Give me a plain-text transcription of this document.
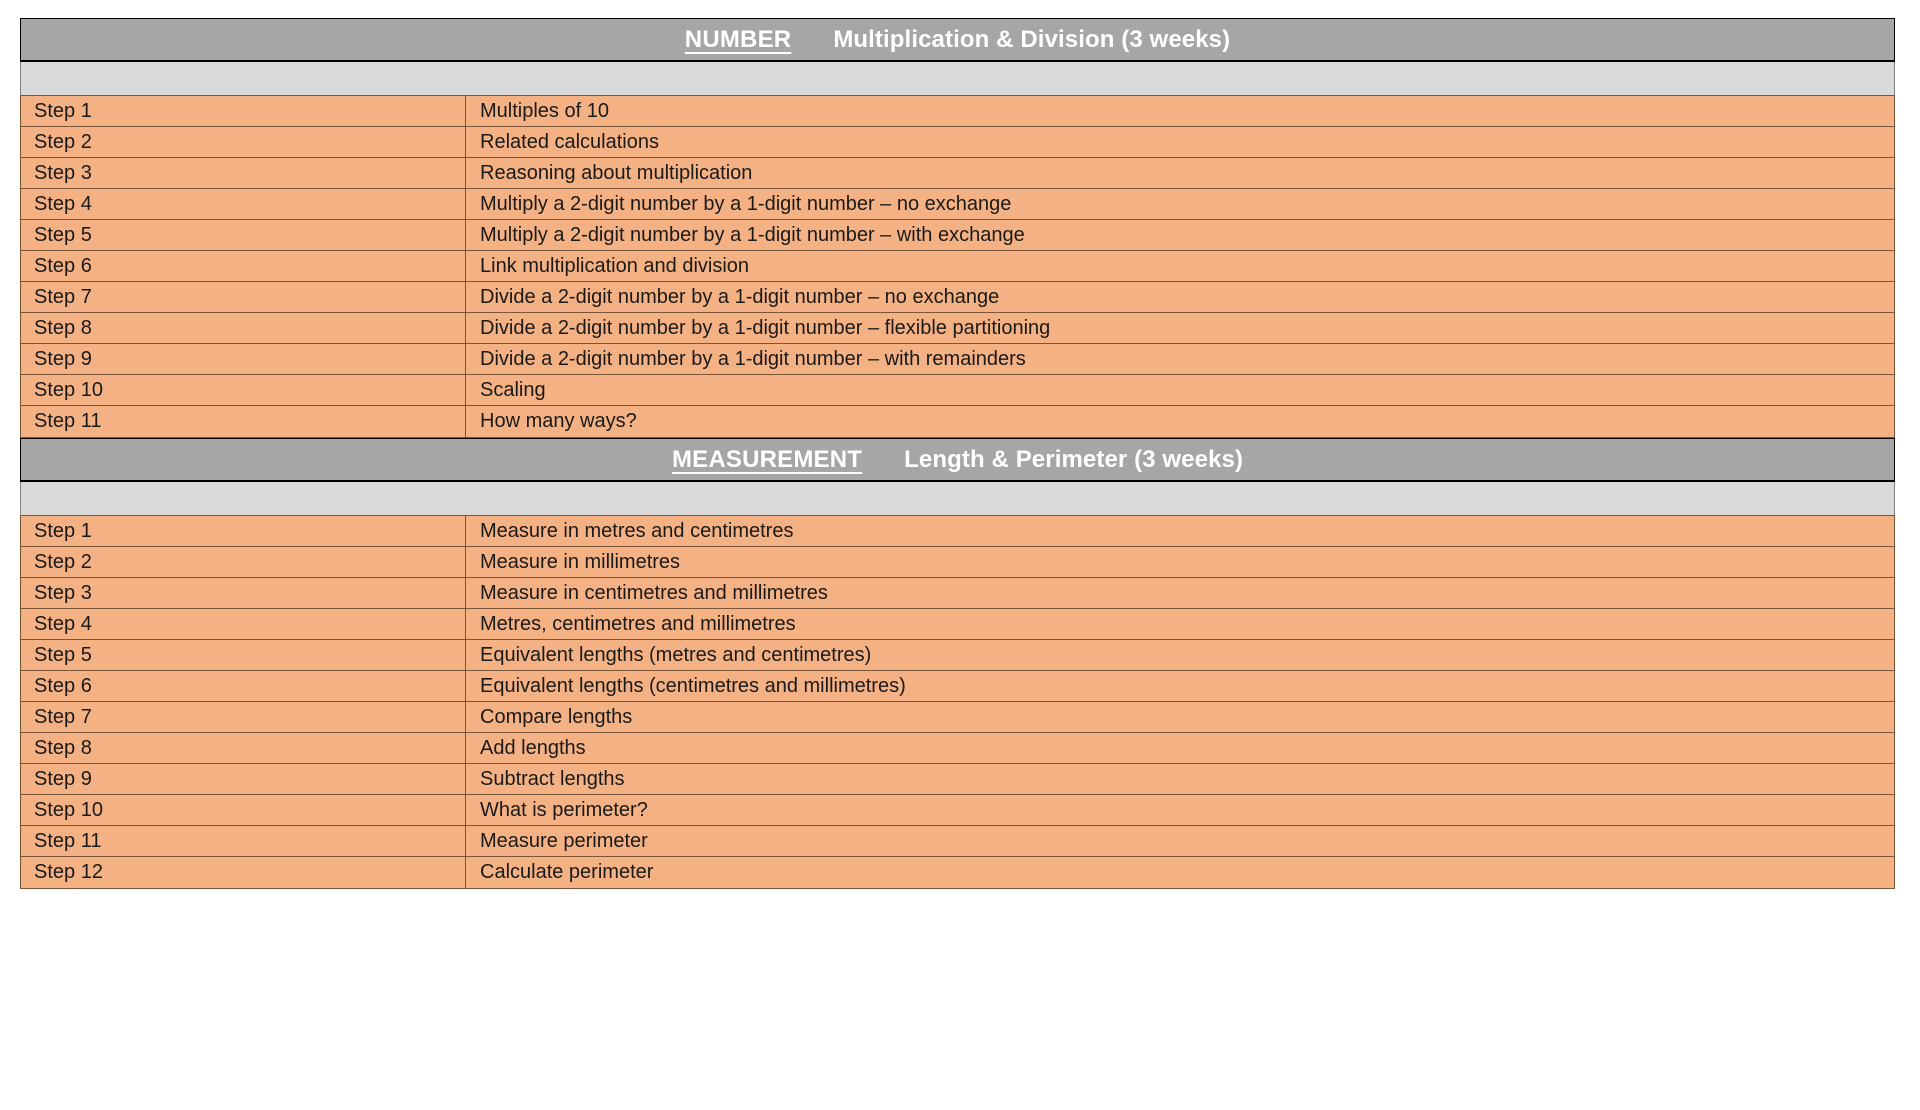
NUMBER Multiplication & Division (3 weeks)
Step 1	Multiples of 10
Step 2	Related calculations
Step 3	Reasoning about multiplication
Step 4	Multiply a 2-digit number by a 1-digit number – no exchange
Step 5	Multiply a 2-digit number by a 1-digit number – with exchange
Step 6	Link multiplication and division
Step 7	Divide a 2-digit number by a 1-digit number – no exchange
Step 8	Divide a 2-digit number by a 1-digit number – flexible partitioning
Step 9	Divide a 2-digit number by a 1-digit number – with remainders
Step 10	Scaling
Step 11	How many ways?
MEASUREMENT Length & Perimeter (3 weeks)
Step 1	Measure in metres and centimetres
Step 2	Measure in millimetres
Step 3	Measure in centimetres and millimetres
Step 4	Metres, centimetres and millimetres
Step 5	Equivalent lengths (metres and centimetres)
Step 6	Equivalent lengths (centimetres and millimetres)
Step 7	Compare lengths
Step 8	Add lengths
Step 9	Subtract lengths
Step 10	What is perimeter?
Step 11	Measure perimeter
Step 12	Calculate perimeter
